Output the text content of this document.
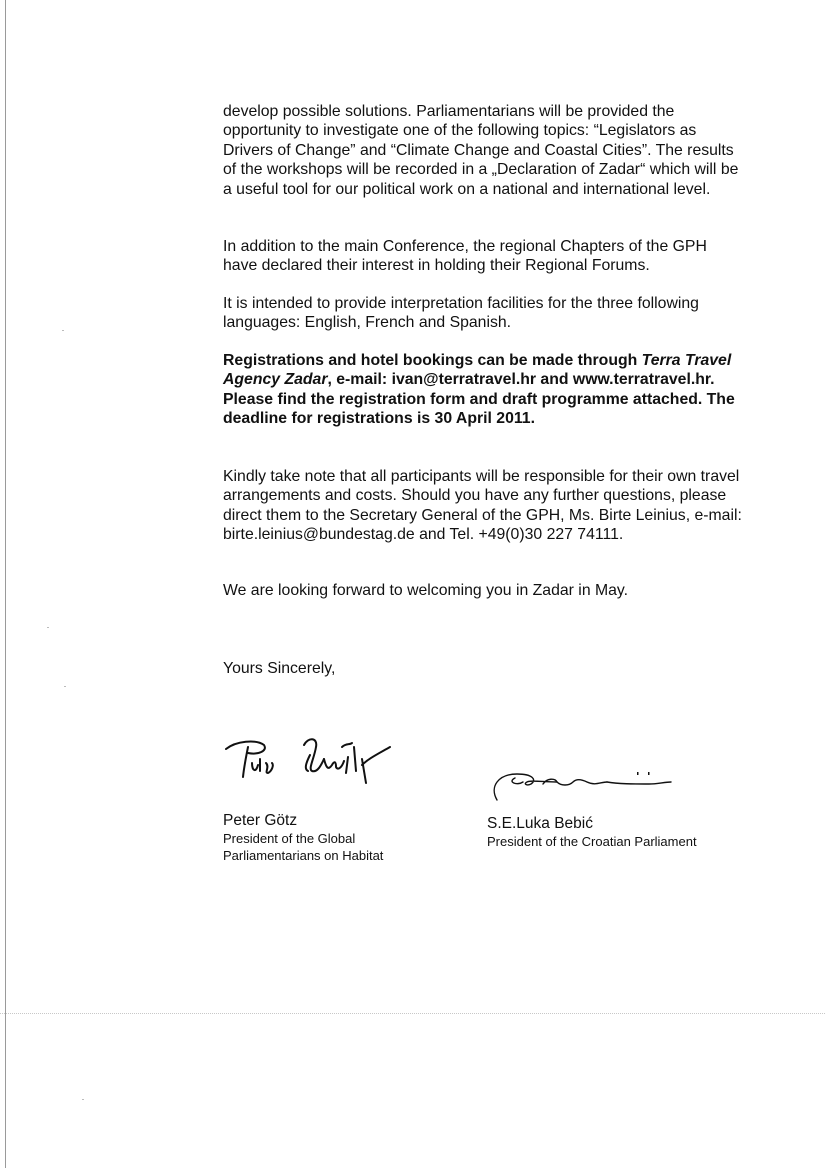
develop possible solutions. Parliamentarians will be provided the opportunity to investigate one of the following topics: “Legislators as Drivers of Change” and “Climate Change and Coastal Cities”. The results of the workshops will be recorded in a „Declaration of Zadar“ which will be a useful tool for our political work on a national and international level.

In addition to the main Conference, the regional Chapters of the GPH have declared their interest in holding their Regional Forums.

It is intended to provide interpretation facilities for the three following languages: English, French and Spanish.

Registrations and hotel bookings can be made through Terra Travel Agency Zadar, e-mail: ivan@terratravel.hr and www.terratravel.hr. Please find the registration form and draft programme attached. The deadline for registrations is 30 April 2011.

Kindly take note that all participants will be responsible for their own travel arrangements and costs. Should you have any further questions, please direct them to the Secretary General of the GPH, Ms. Birte Leinius, e-mail: birte.leinius@bundestag.de and Tel. +49(0)30 227 74111.

We are looking forward to welcoming you in Zadar in May.

Yours Sincerely,

Peter Götz
President of the Global
Parliamentarians on Habitat
S.E.Luka Bebić
President of the Croatian Parliament
